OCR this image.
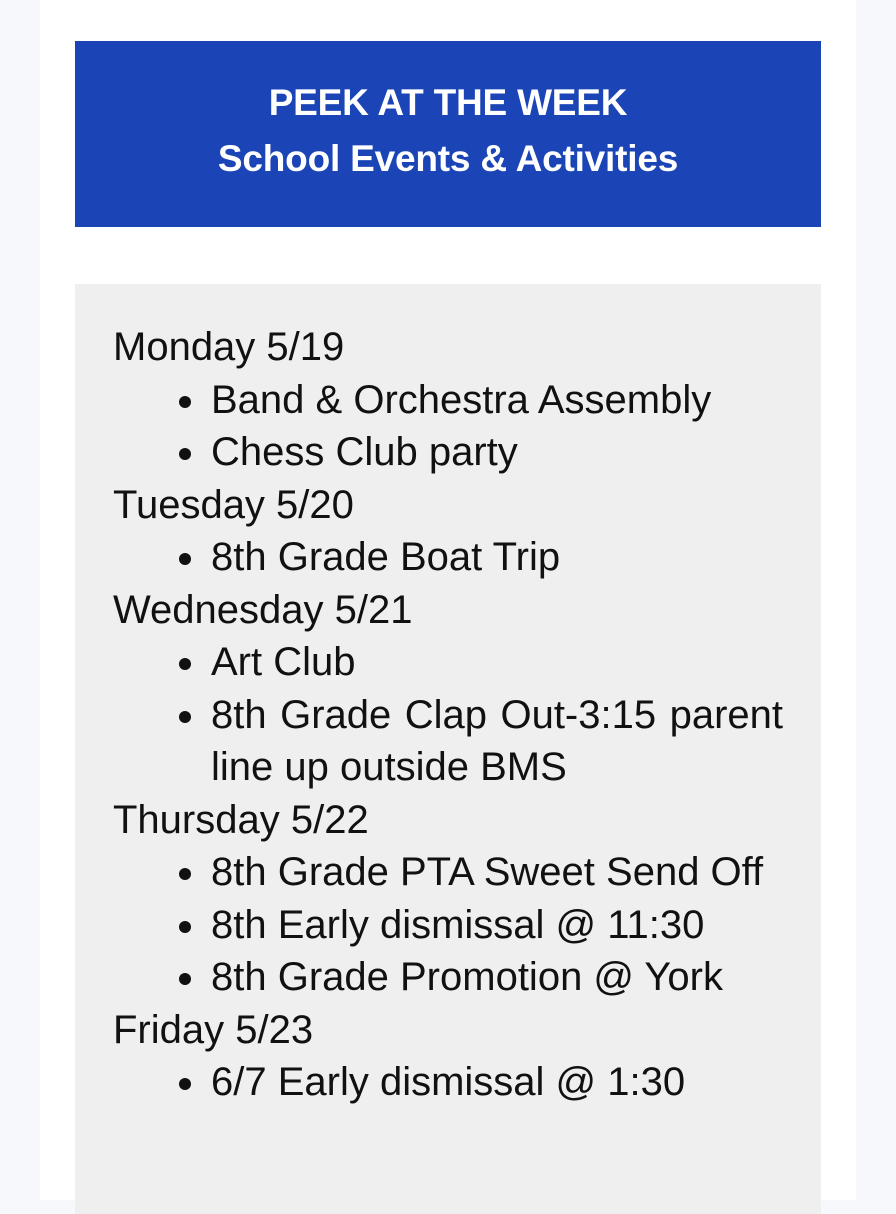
PEEK AT THE WEEK
School Events & Activities
Monday 5/19
Band & Orchestra Assembly
Chess Club party
Tuesday 5/20
8th Grade Boat Trip
Wednesday 5/21
Art Club
8th Grade Clap Out-3:15 parent line up outside BMS
Thursday 5/22
8th Grade PTA Sweet Send Off
8th Early dismissal @ 11:30
8th Grade Promotion @ York
Friday 5/23
6/7 Early dismissal @ 1:30
